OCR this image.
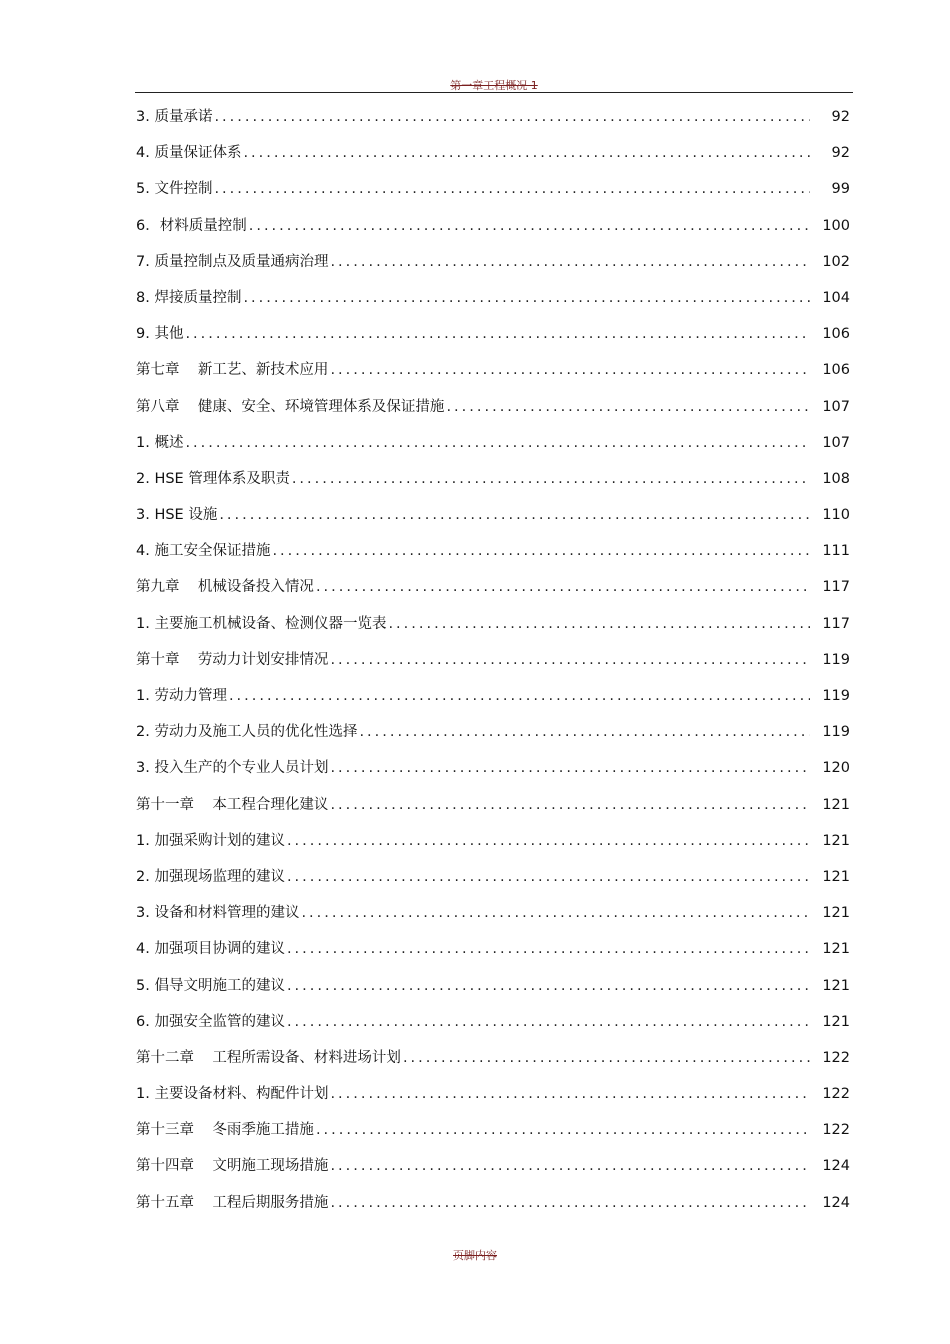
第一章工程概况 1
3. 质量承诺 .....	92
4. 质量保证体系 .....	92
5. 文件控制 .....	99
6．材料质量控制 .....	100
7. 质量控制点及质量通病治理 .....	102
8. 焊接质量控制 .....	104
9. 其他 .....	106
第七章    新工艺、新技术应用 .....	106
第八章    健康、安全、环境管理体系及保证措施 .....	107
1. 概述 .....	107
2. HSE 管理体系及职责 .....	108
3. HSE 设施 .....	110
4. 施工安全保证措施 .....	111
第九章    机械设备投入情况 .....	117
1. 主要施工机械设备、检测仪器一览表 .....	117
第十章    劳动力计划安排情况 .....	119
1. 劳动力管理 .....	119
2. 劳动力及施工人员的优化性选择 .....	119
3. 投入生产的个专业人员计划 .....	120
第十一章    本工程合理化建议 .....	121
1. 加强采购计划的建议 .....	121
2. 加强现场监理的建议 .....	121
3. 设备和材料管理的建议 .....	121
4. 加强项目协调的建议 .....	121
5. 倡导文明施工的建议 .....	121
6. 加强安全监管的建议 .....	121
第十二章    工程所需设备、材料进场计划 .....	122
1. 主要设备材料、构配件计划 .....	122
第十三章    冬雨季施工措施 .....	122
第十四章    文明施工现场措施 .....	124
第十五章    工程后期服务措施 .....	124
页脚内容
